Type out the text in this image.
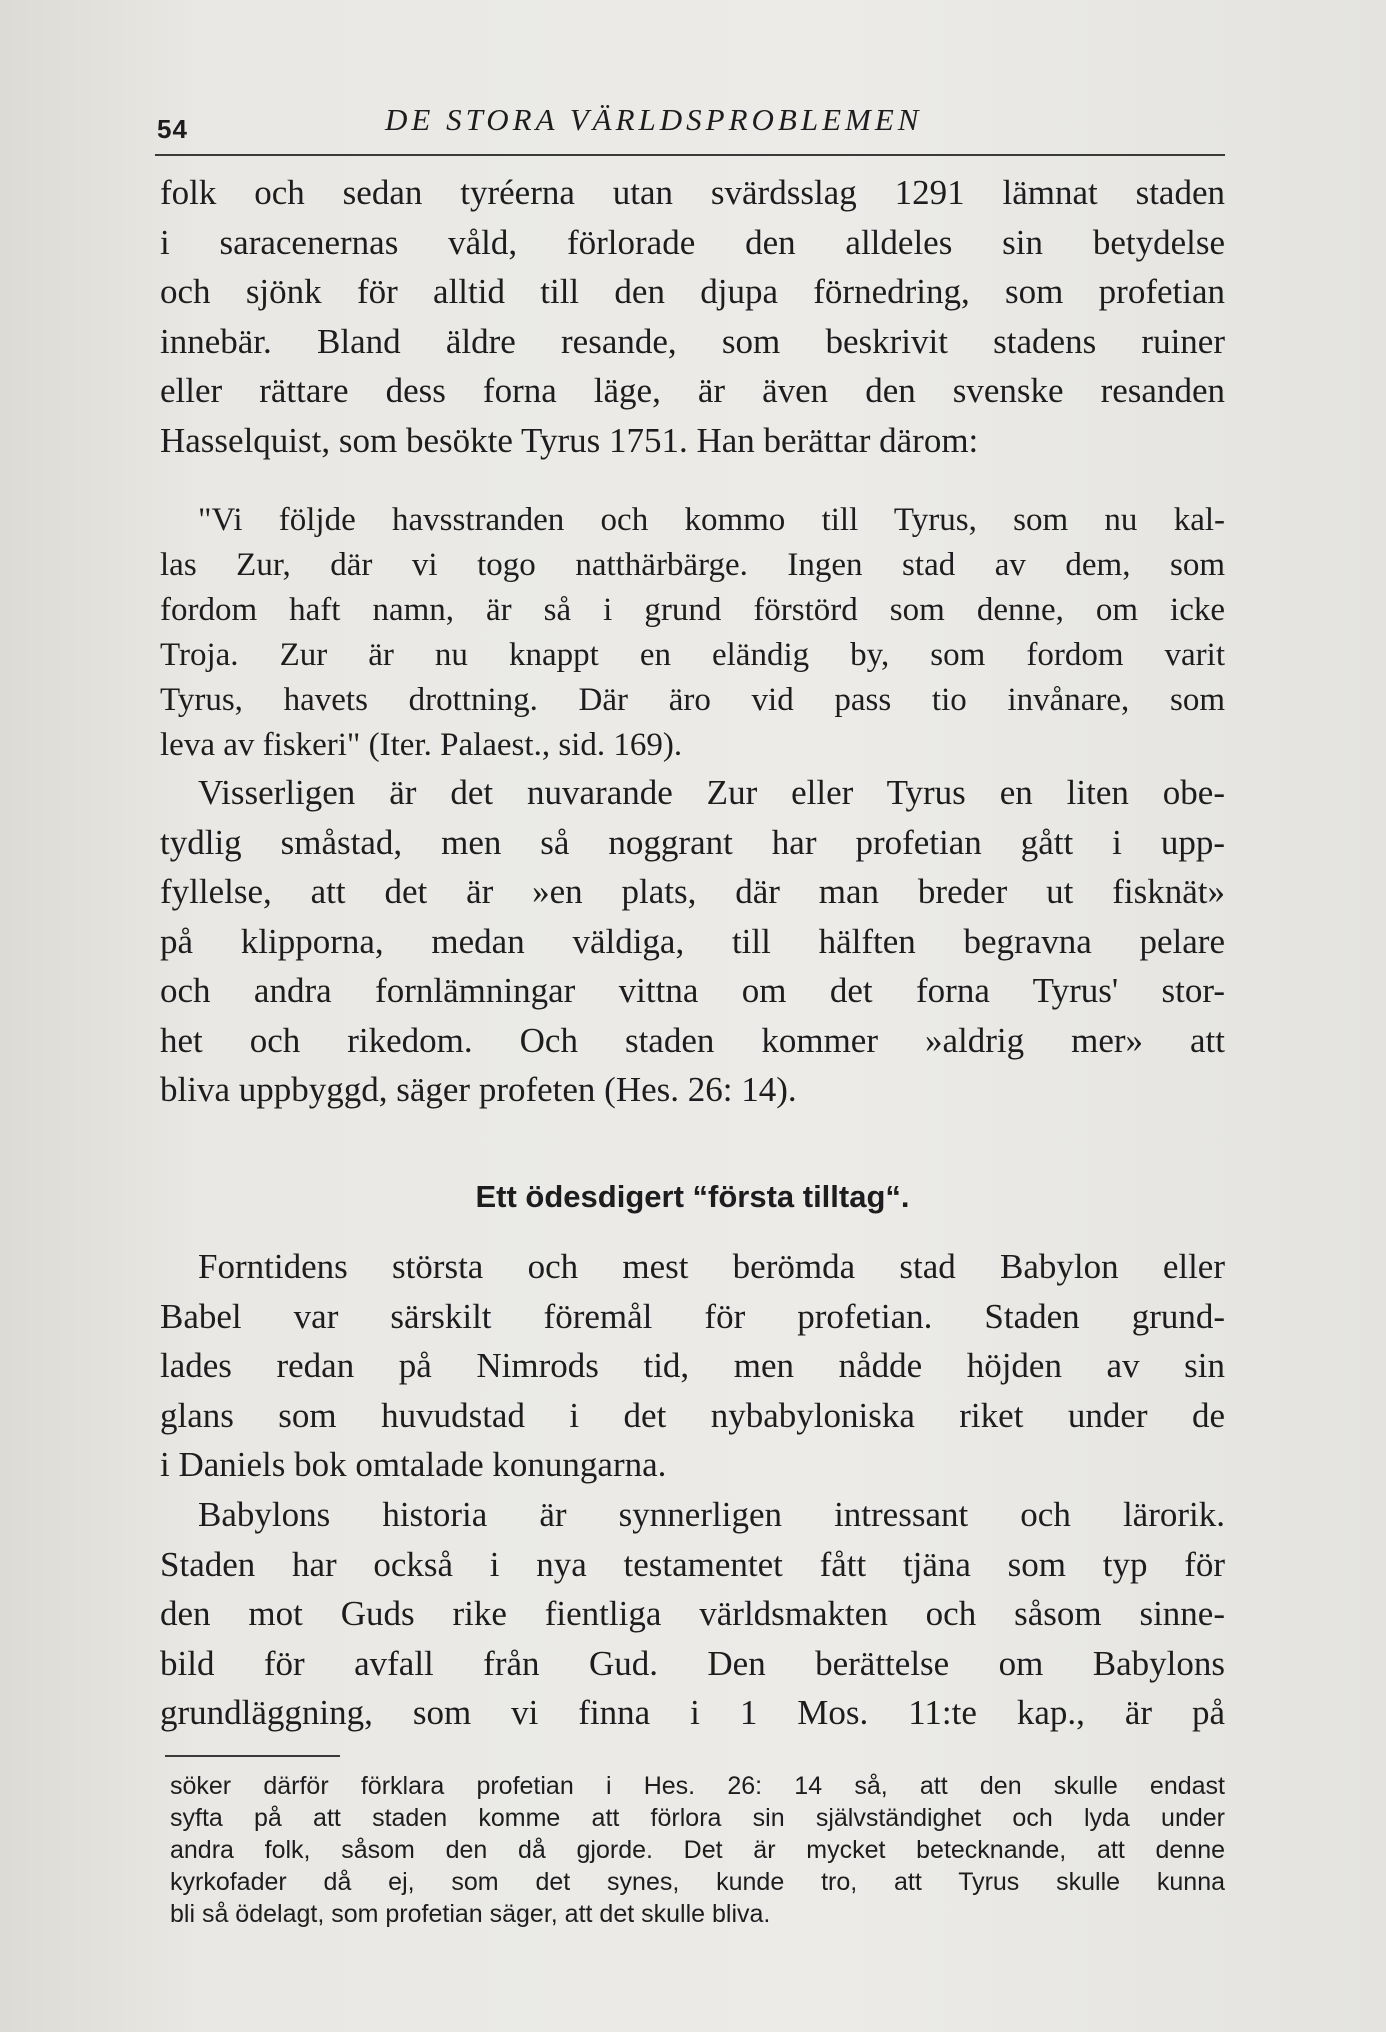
54	DE STORA VÄRLDSPROBLEMEN
folk och sedan tyréerna utan svärdsslag 1291 lämnat staden
i saracenernas våld, förlorade den alldeles sin betydelse
och sjönk för alltid till den djupa förnedring, som profetian
innebär. Bland äldre resande, som beskrivit stadens ruiner
eller rättare dess forna läge, är även den svenske resanden
Hasselquist, som besökte Tyrus 1751. Han berättar därom:
"Vi följde havsstranden och kommo till Tyrus, som nu kal-
las Zur, där vi togo natthärbärge. Ingen stad av dem, som
fordom haft namn, är så i grund förstörd som denne, om icke
Troja. Zur är nu knappt en eländig by, som fordom varit
Tyrus, havets drottning. Där äro vid pass tio invånare, som
leva av fiskeri" (Iter. Palaest., sid. 169).
Visserligen är det nuvarande Zur eller Tyrus en liten obe-
tydlig småstad, men så noggrant har profetian gått i upp-
fyllelse, att det är »en plats, där man breder ut fisknät»
på klipporna, medan väldiga, till hälften begravna pelare
och andra fornlämningar vittna om det forna Tyrus' stor-
het och rikedom. Och staden kommer »aldrig mer» att
bliva uppbyggd, säger profeten (Hes. 26: 14).
Ett ödesdigert “första tilltag“.
Forntidens största och mest berömda stad Babylon eller
Babel var särskilt föremål för profetian. Staden grund-
lades redan på Nimrods tid, men nådde höjden av sin
glans som huvudstad i det nybabyloniska riket under de
i Daniels bok omtalade konungarna.
Babylons historia är synnerligen intressant och lärorik.
Staden har också i nya testamentet fått tjäna som typ för
den mot Guds rike fientliga världsmakten och såsom sinne-
bild för avfall från Gud. Den berättelse om Babylons
grundläggning, som vi finna i 1 Mos. 11:te kap., är på
söker därför förklara profetian i Hes. 26: 14 så, att den skulle endast
syfta på att staden komme att förlora sin självständighet och lyda under
andra folk, såsom den då gjorde. Det är mycket betecknande, att denne
kyrkofader då ej, som det synes, kunde tro, att Tyrus skulle kunna
bli så ödelagt, som profetian säger, att det skulle bliva.
